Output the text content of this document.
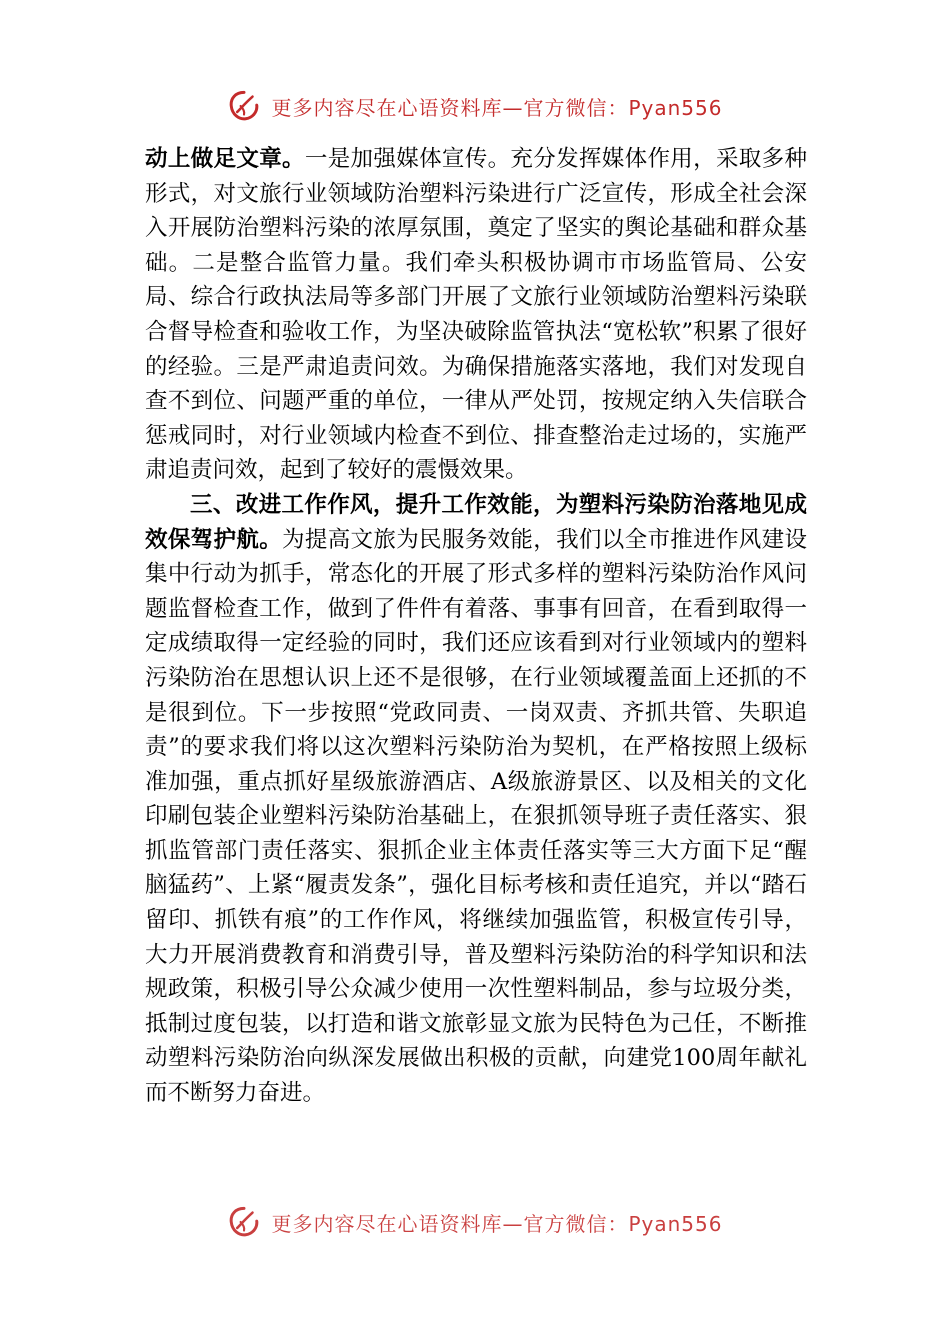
更多内容尽在心语资料库—官方微信：Pyan556

动上做足文章。一是加强媒体宣传。充分发挥媒体作用，采取多种形式，对文旅行业领域防治塑料污染进行广泛宣传，形成全社会深入开展防治塑料污染的浓厚氛围，奠定了坚实的舆论基础和群众基础。二是整合监管力量。我们牵头积极协调市市场监管局、公安局、综合行政执法局等多部门开展了文旅行业领域防治塑料污染联合督导检查和验收工作，为坚决破除监管执法“宽松软”积累了很好的经验。三是严肃追责问效。为确保措施落实落地，我们对发现自查不到位、问题严重的单位，一律从严处罚，按规定纳入失信联合惩戒同时，对行业领域内检查不到位、排查整治走过场的，实施严肃追责问效，起到了较好的震慑效果。

三、改进工作作风，提升工作效能，为塑料污染防治落地见成效保驾护航。为提高文旅为民服务效能，我们以全市推进作风建设集中行动为抓手，常态化的开展了形式多样的塑料污染防治作风问题监督检查工作，做到了件件有着落、事事有回音，在看到取得一定成绩取得一定经验的同时，我们还应该看到对行业领域内的塑料污染防治在思想认识上还不是很够，在行业领域覆盖面上还抓的不是很到位。下一步按照“党政同责、一岗双责、齐抓共管、失职追责”的要求我们将以这次塑料污染防治为契机，在严格按照上级标准加强，重点抓好星级旅游酒店、A级旅游景区、以及相关的文化印刷包装企业塑料污染防治基础上，在狠抓领导班子责任落实、狠抓监管部门责任落实、狠抓企业主体责任落实等三大方面下足“醒脑猛药”、上紧“履责发条”，强化目标考核和责任追究，并以“踏石留印、抓铁有痕”的工作作风，将继续加强监管，积极宣传引导，大力开展消费教育和消费引导，普及塑料污染防治的科学知识和法规政策，积极引导公众减少使用一次性塑料制品，参与垃圾分类，抵制过度包装，以打造和谐文旅彰显文旅为民特色为己任，不断推动塑料污染防治向纵深发展做出积极的贡献，向建党100周年献礼而不断努力奋进。

更多内容尽在心语资料库—官方微信：Pyan556
